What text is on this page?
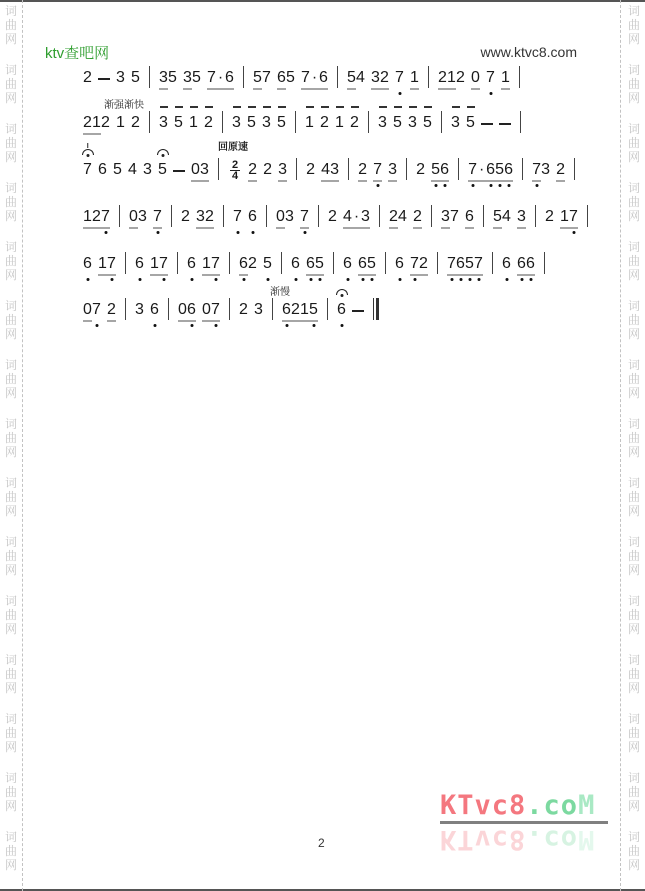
词
曲
网
词
曲
网
词
曲
网
词
曲
网
词
曲
网
词
曲
网
词
曲
网
词
曲
网
词
曲
网
词
曲
网
词
曲
网
词
曲
网
词
曲
网
词
曲
网
词
曲
网
词
曲
网
词
曲
网
词
曲
网
词
曲
网
词
曲
网
词
曲
网
词
曲
网
词
曲
网
词
曲
网
词
曲
网
词
曲
网
词
曲
网
词
曲
网
词
曲
网
词
曲
网
ktv查吧网	www.ktvc8.com
2 3 5 3 5 3 5 7 · 6 5 7 6 5 7 · 6 5 4 3 2 7 1 2 1 2 0 7 1
2 1 2 1
渐强渐快
2 3 5 1 2 3 5 3 5 1 2 1 2 3 5 3 5 3 5
7 6 5 4 3 5 0 3 2
4
回原速
2 2 3 2 4 3 2 7 3 2 5 6 7 · 6 5 6 7 3 2
1 2 7 0 3 7 2 3 2 7 6 0 3 7 2 4 · 3 2 4 2 3 7 6 5 4 3 2 1 7
6 1 7 6 1 7 6 1 7 6 2 5 6 6 5 6 6 5 6 7 2 7 6 5 7 6 6 6
0 7 2 3 6 0 6 0 7 2 3 6 2 1 5
渐慢
6
2
KTvc8.coM
KTvc8.coM
